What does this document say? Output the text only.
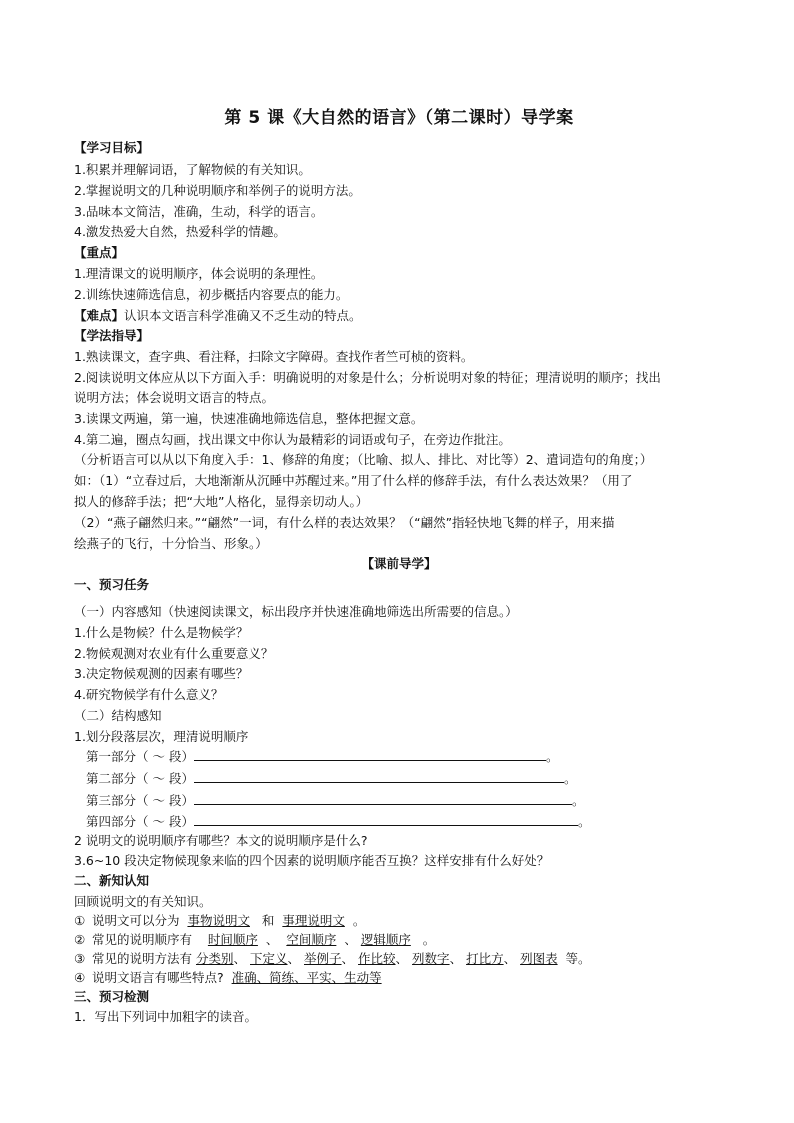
第 5 课《大自然的语言》（第二课时）导学案
【学习目标】
1.积累并理解词语，了解物候的有关知识。
2.掌握说明文的几种说明顺序和举例子的说明方法。
3.品味本文简洁，准确，生动，科学的语言。
4.激发热爱大自然，热爱科学的情趣。
【重点】
1.理清课文的说明顺序，体会说明的条理性。
2.训练快速筛选信息，初步概括内容要点的能力。
【难点】认识本文语言科学准确又不乏生动的特点。
【学法指导】
1.熟读课文，查字典、看注释，扫除文字障碍。查找作者竺可桢的资料。
2.阅读说明文体应从以下方面入手：明确说明的对象是什么；分析说明对象的特征；理清说明的顺序；找出
说明方法；体会说明文语言的特点。
3.读课文两遍，第一遍，快速准确地筛选信息，整体把握文意。
4.第二遍，圈点勾画，找出课文中你认为最精彩的词语或句子，在旁边作批注。
（分析语言可以从以下角度入手：1、修辞的角度；（比喻、拟人、排比、对比等）2、遣词造句的角度；）
如：（1）“立春过后，大地渐渐从沉睡中苏醒过来。”用了什么样的修辞手法，有什么表达效果？（用了
拟人的修辞手法；把“大地”人格化，显得亲切动人。）
（2）“燕子翩然归来。”“翩然”一词，有什么样的表达效果？（“翩然”指轻快地飞舞的样子，用来描
绘燕子的飞行，十分恰当、形象。）
【课前导学】
一、预习任务
（一）内容感知（快速阅读课文，标出段序并快速准确地筛选出所需要的信息。）
1.什么是物候？什么是物候学？
2.物候观测对农业有什么重要意义？
3.决定物候观测的因素有哪些？
4.研究物候学有什么意义？
（二）结构感知
1.划分段落层次，理清说明顺序
第一部分（ ～ 段）	。
第二部分（ ～ 段）	。
第三部分（ ～ 段）	。
第四部分（ ～ 段）	。
2 说明文的说明顺序有哪些？本文的说明顺序是什么?
3.6~10 段决定物候现象来临的四个因素的说明顺序能否互换？这样安排有什么好处？
二、新知认知
回顾说明文的有关知识。
① 说明文可以分为 事物说明文 和 事理说明文 。
② 常见的说明顺序有 时间顺序 、 空间顺序 、 逻辑顺序 。
③ 常见的说明方法有 分类别、 下定义、 举例子、 作比较、 列数字、 打比方、 列图表 等。
④ 说明文语言有哪些特点? 准确、简练、平实、生动等
三、预习检测
1．写出下列词中加粗字的读音。
